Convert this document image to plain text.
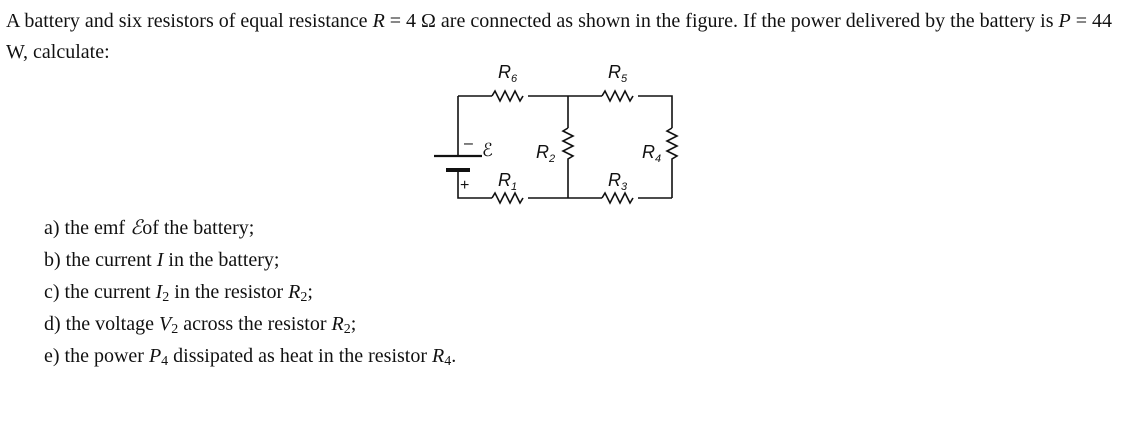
A battery and six resistors of equal resistance R = 4 Ω are connected as shown in the figure. If the power delivered by the battery is P = 44 W, calculate:

$R_6$	$R_5$
$R_2$	$R_4$
$R_1$	$R_3$
ℰ
–
+
a) the emf ℰof the battery;
b) the current I in the battery;
c) the current $I_2$ in the resistor $R_2$;
d) the voltage $V_2$ across the resistor $R_2$;
e) the power $P_4$ dissipated as heat in the resistor $R_4$.
